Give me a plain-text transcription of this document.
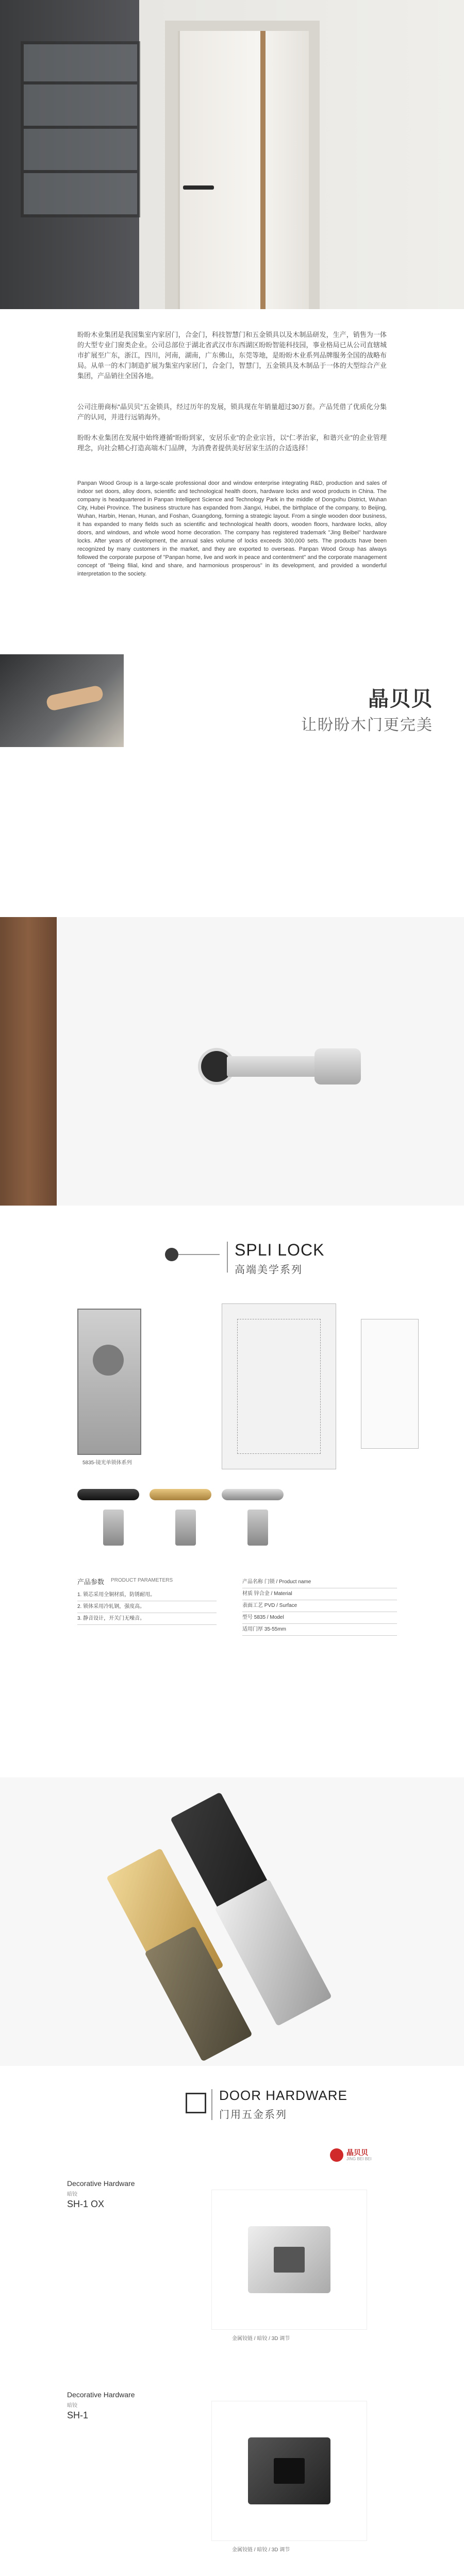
盼盼木业集团是我国集室内家居门，合金门，科技智慧门和五金锁具以及木制品研发，生产，销售为一体的大型专业门窗类企业。公司总部位于湖北省武汉市东西湖区盼盼智能科技园，事业格局已从公司直辖城市扩展至广东，浙江，四川，河南，湖南，广东佛山，东莞等地，是盼盼木业系列品牌服务全国的战略布局。从单一的木门制造扩展为集室内家居门，合金门，智慧门，五金锁具及木制品于一体的大型综合产业集团，产品销往全国各地。

公司注册商标“晶贝贝”五金锁具，经过历年的发展，锁具现在年销量超过30万套。产品凭借了优质化分集产的认同，并进行远销海外。

盼盼木业集团在发展中始终遵循“盼盼到家，安居乐业”的企业宗旨，以“仁孝治家，和谐兴业”的企业管理理念，向社会精心打造高端木门品牌，为消费者提供美好居家生活的合适选择！

Panpan Wood Group is a large-scale professional door and window enterprise integrating R&D, production and sales of indoor set doors, alloy doors, scientific and technological health doors, hardware locks and wood products in China. The company is headquartered in Panpan Intelligent Science and Technology Park in the middle of Dongxihu District, Wuhan City, Hubei Province. The business structure has expanded from Jiangxi, Hubei, the birthplace of the company, to Beijing, Wuhan, Harbin, Henan, Hunan, and Foshan, Guangdong, forming a strategic layout. From a single wooden door business, it has expanded to many fields such as scientific and technological health doors, wooden floors, hardware locks, alloy doors, and windows, and whole wood home decoration. The company has registered trademark "Jing Beibei" hardware locks. After years of development, the annual sales volume of locks exceeds 300,000 sets. The products have been recognized by many customers in the market, and they are exported to overseas. Panpan Wood Group has always followed the corporate purpose of "Panpan home, live and work in peace and contentment" and the corporate management concept of "Being filial, kind and share, and harmonious prosperous" in its development, and provided a wonderful interpretation to the society.

晶贝贝
让盼盼木门更完美
SPLI LOCK
高端美学系列
5835-镜光单锁体系列
产品参数 PRODUCT PARAMETERS
1. 锁芯采用全铜材质，防锈耐用。
2. 锁体采用冷轧钢，强度高。
3. 静音设计，开关门无噪音。
产品名称 门锁 / Product name
材质 锌合金 / Material
表面工艺 PVD / Surface
型号 5835 / Model
适用门厚 35-55mm
DOOR HARDWARE
门用五金系列
晶贝贝
JING BEI BEI
Decorative Hardware
暗铰
SH-1 OX
金属铰链 / 暗铰 / 3D 调节
Decorative Hardware
暗铰
SH-1
金属铰链 / 暗铰 / 3D 调节
